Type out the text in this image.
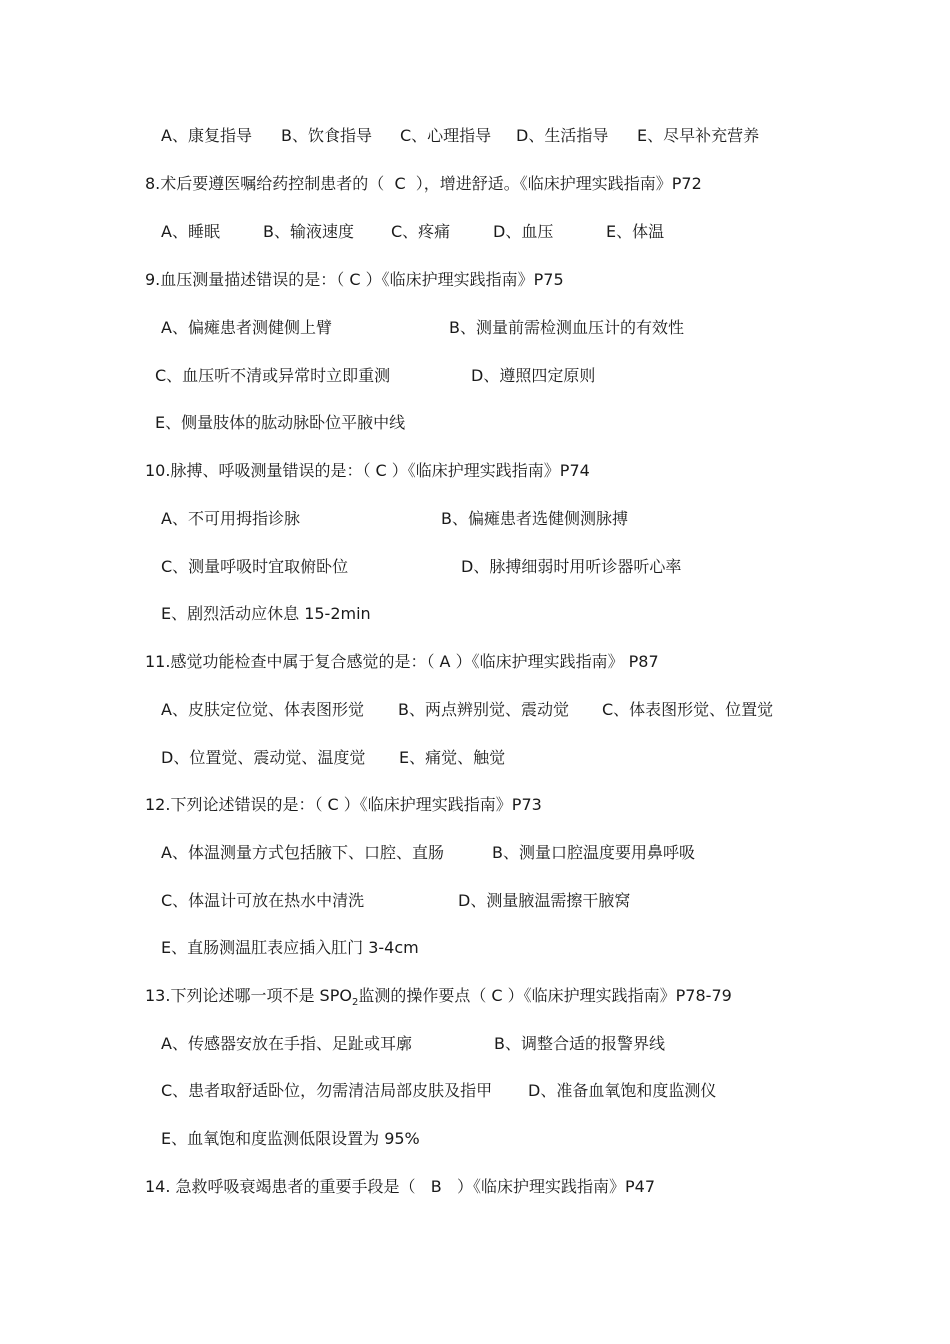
A、康复指导

B、饮食指导

C、心理指导

D、生活指导

E、尽早补充营养

8.术后要遵医嘱给药控制患者的（  C  ），增进舒适。《临床护理实践指南》P72

A、睡眠

	B、输液速度

C、疼痛

	D、血压

	E、体温

9.血压测量描述错误的是：（ C ）《临床护理实践指南》P75

A、偏瘫患者测健侧上臂

	B、测量前需检测血压计的有效性

C、血压听不清或异常时立即重测

	D、遵照四定原则

E、侧量肢体的肱动脉卧位平腋中线

10.脉搏、呼吸测量错误的是：（ C ）《临床护理实践指南》P74

A、不可用拇指诊脉

	B、偏瘫患者选健侧测脉搏

C、测量呼吸时宜取俯卧位

	D、脉搏细弱时用听诊器听心率

E、剧烈活动应休息 15-2min

11.感觉功能检查中属于复合感觉的是：（ A ）《临床护理实践指南》 P87

A、皮肤定位觉、体表图形觉

B、两点辨别觉、震动觉

C、体表图形觉、位置觉

D、位置觉、震动觉、温度觉

E、痛觉、触觉

12.下列论述错误的是：（ C ）《临床护理实践指南》P73

A、体温测量方式包括腋下、口腔、直肠

	B、测量口腔温度要用鼻呼吸

C、体温计可放在热水中清洗

	D、测量腋温需擦干腋窝

E、直肠测温肛表应插入肛门 3-4cm

13.下列论述哪一项不是 $SPO_2$监测的操作要点（ C ）《临床护理实践指南》P78-79

A、传感器安放在手指、足趾或耳廓

	B、调整合适的报警界线

C、患者取舒适卧位，勿需清洁局部皮肤及指甲

D、准备血氧饱和度监测仪

E、血氧饱和度监测低限设置为 95%

14. 急救呼吸衰竭患者的重要手段是（   B   ）《临床护理实践指南》P47
